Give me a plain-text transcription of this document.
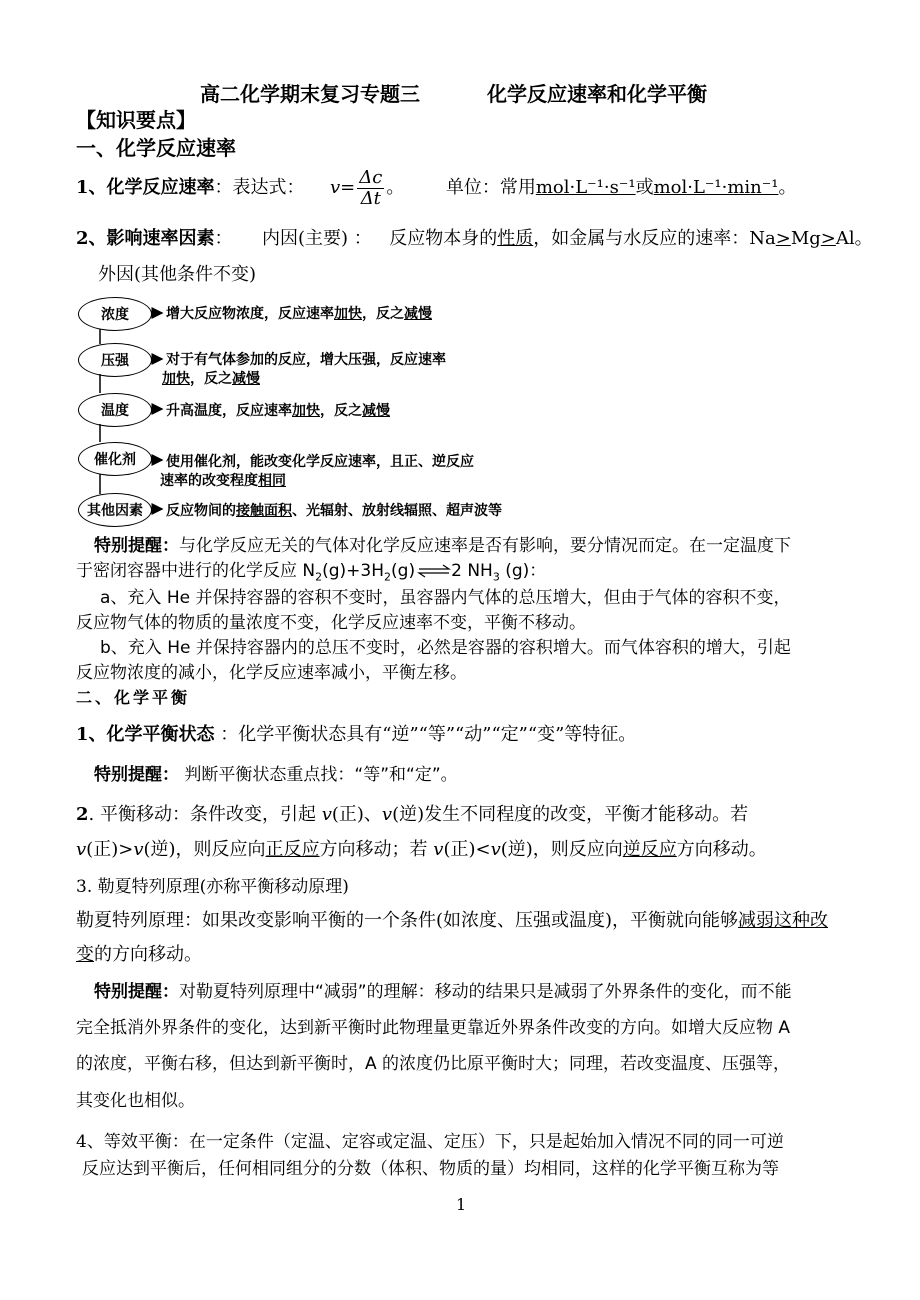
高二化学期末复习专题三	化学反应速率和化学平衡
【知识要点】
一、化学反应速率
1、化学反应速率：表达式： $v= \frac{\Delta c}{\Delta t}$ 。 单位：常用mol·L⁻¹·s⁻¹或mol·L⁻¹·min⁻¹。
2、影响速率因素： 内因(主要) ： 反应物本身的性质，如金属与水反应的速率：Na>Mg>Al。
外因(其他条件不变)
浓度
压强
温度
催化剂
其他因素
增大反应物浓度，反应速率加快，反之减慢
对于有气体参加的反应，增大压强，反应速率
加快，反之减慢
升高温度，反应速率加快，反之减慢
使用催化剂，能改变化学反应速率，且正、逆反应
速率的改变程度相同
反应物间的接触面积、光辐射、放射线辐照、超声波等
特别提醒：与化学反应无关的气体对化学反应速率是否有影响，要分情况而定。在一定温度下
于密闭容器中进行的化学反应 $N_2(g)+3H_2(g)\rightleftharpoons 2$ $NH_3$ (g)：
a、充入 He 并保持容器的容积不变时，虽容器内气体的总压增大，但由于气体的容积不变，
反应物气体的物质的量浓度不变，化学反应速率不变，平衡不移动。
b、充入 He 并保持容器内的总压不变时，必然是容器的容积增大。而气体容积的增大，引起
反应物浓度的减小，化学反应速率减小，平衡左移。
二、化学平衡
1、化学平衡状态 ：化学平衡状态具有“逆”“等”“动”“定”“变”等特征。
特别提醒： 判断平衡状态重点找：“等”和“定”。
2. 平衡移动：条件改变，引起 v(正)、v(逆)发生不同程度的改变，平衡才能移动。若
v(正)>v(逆)，则反应向正反应方向移动；若 v(正)<v(逆)，则反应向逆反应方向移动。
3. 勒夏特列原理(亦称平衡移动原理)
勒夏特列原理：如果改变影响平衡的一个条件(如浓度、压强或温度)，平衡就向能够减弱这种改
变的方向移动。
特别提醒：对勒夏特列原理中“减弱”的理解：移动的结果只是减弱了外界条件的变化，而不能
完全抵消外界条件的变化，达到新平衡时此物理量更靠近外界条件改变的方向。如增大反应物 A
的浓度，平衡右移，但达到新平衡时，A 的浓度仍比原平衡时大；同理，若改变温度、压强等，
其变化也相似。
4、等效平衡：在一定条件（定温、定容或定温、定压）下，只是起始加入情况不同的同一可逆
反应达到平衡后，任何相同组分的分数（体积、物质的量）均相同，这样的化学平衡互称为等
1
